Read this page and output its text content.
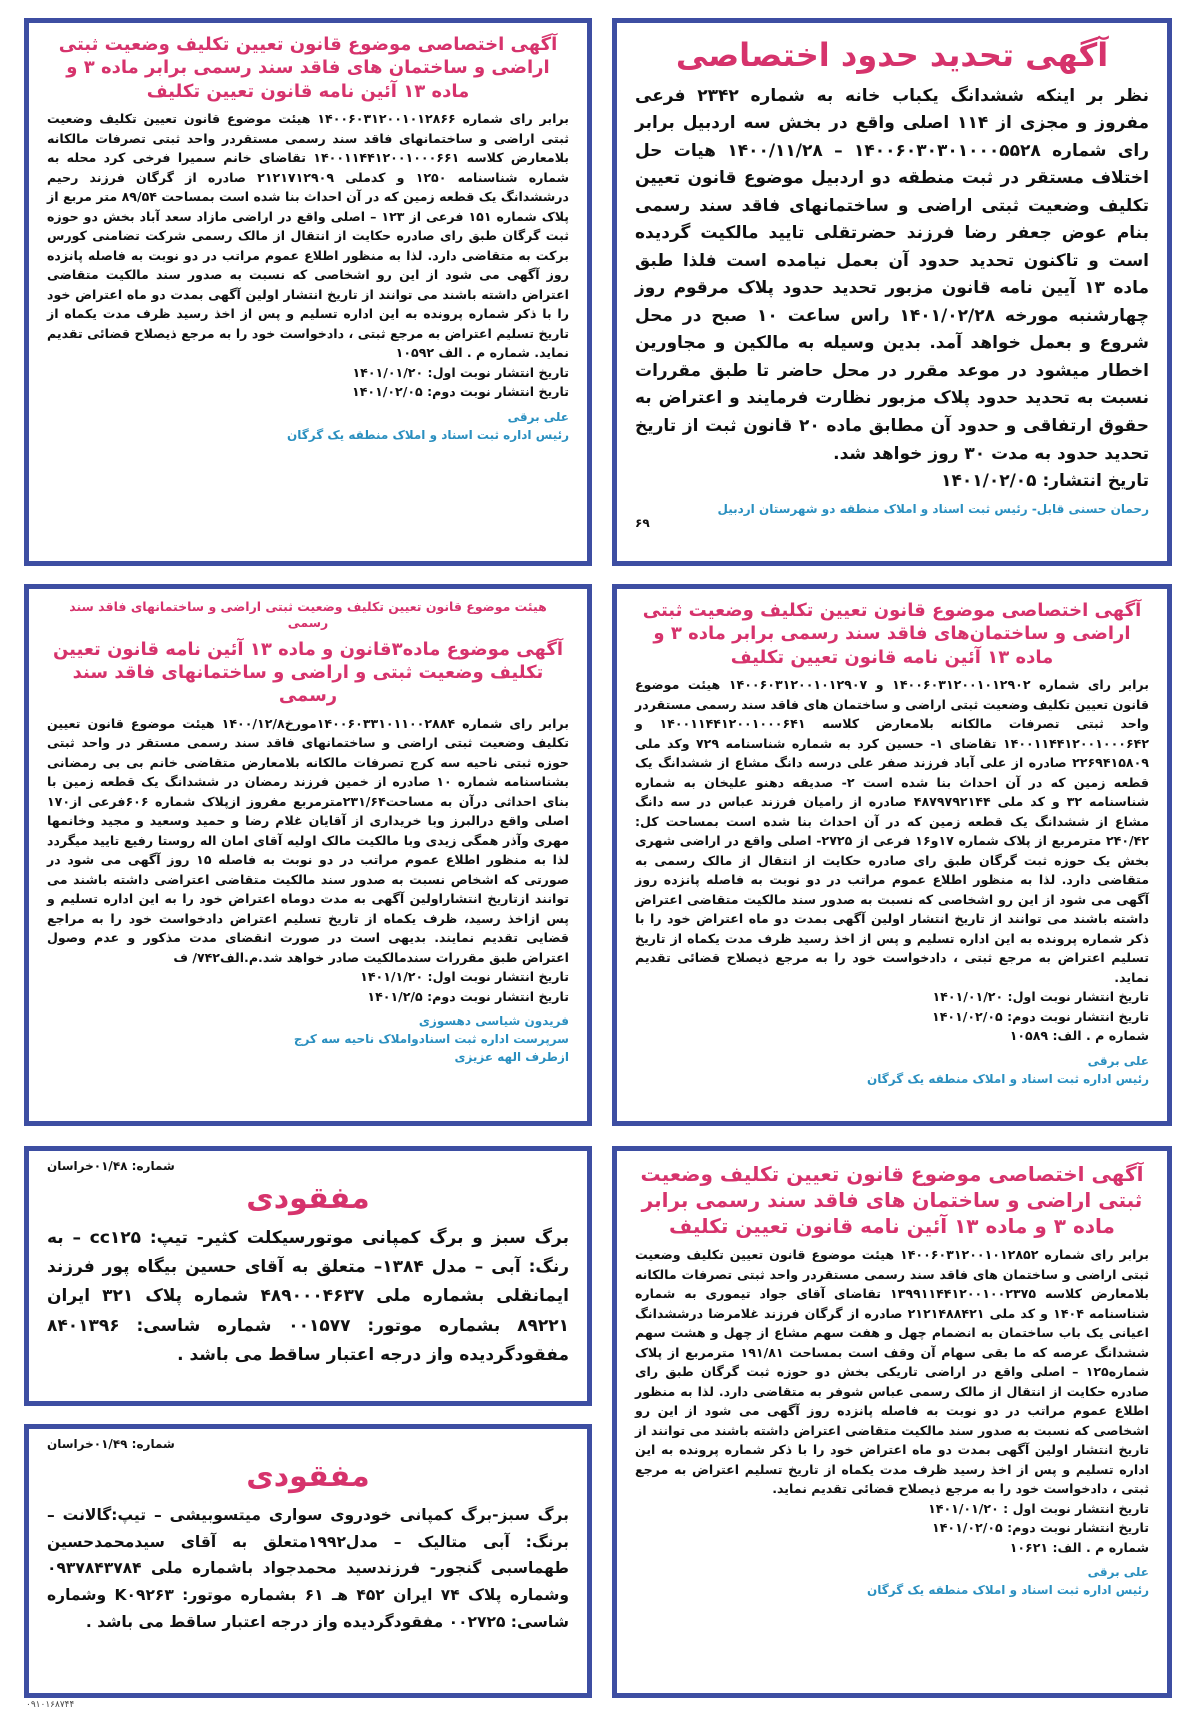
آگهی تحدید حدود اختصاصی

نظر بر اینکه ششدانگ یکباب خانه به شماره ۲۳۴۲ فرعی مفروز و مجزی از ۱۱۴ اصلی واقع در بخش سه اردبیل برابر رای شماره ۱۴۰۰۶۰۳۰۳۰۱۰۰۰۵۵۲۸ – ۱۴۰۰/۱۱/۲۸ هیات حل اختلاف مستقر در ثبت منطقه دو اردبیل موضوع قانون تعیین تکلیف وضعیت ثبتی اراضی و ساختمانهای فاقد سند رسمی بنام عوض جعفر رضا فرزند حضرتقلی تایید مالکیت گردیده است و تاکنون تحدید حدود آن بعمل نیامده است فلذا طبق ماده ۱۳ آیین نامه قانون مزبور تحدید حدود پلاک مرقوم روز چهارشنبه مورخه ۱۴۰۱/۰۲/۲۸ راس ساعت ۱۰ صبح در محل شروع و بعمل خواهد آمد. بدین وسیله به مالکین و مجاورین اخطار میشود در موعد مقرر در محل حاضر تا طبق مقررات نسبت به تحدید حدود پلاک مزبور نظارت فرمایند و اعتراض به حقوق ارتفاقی و حدود آن مطابق ماده ۲۰ قانون ثبت از تاریخ تحدید حدود به مدت ۳۰ روز خواهد شد.

تاریخ انتشار: ۱۴۰۱/۰۲/۰۵
رحمان حسنی قابل- رئیس ثبت اسناد و املاک منطقه دو شهرستان اردبیل
۶۹
آگهی اختصاصی موضوع قانون تعیین تکلیف وضعیت ثبتی اراضی و ساختمان های فاقد سند رسمی برابر ماده ۳ و ماده ۱۳ آئین نامه قانون تعیین تکلیف

برابر رای شماره ۱۴۰۰۶۰۳۱۲۰۰۱۰۱۲۸۶۶ هیئت موضوع قانون تعیین تکلیف وضعیت ثبتی اراضی و ساختمانهای فاقد سند رسمی مستقردر واحد ثبتی تصرفات مالکانه بلامعارض کلاسه ۱۴۰۰۱۱۴۴۱۲۰۰۱۰۰۰۶۶۱ تقاضای خانم سمیرا فرخی کرد محله به شماره شناسنامه ۱۲۵۰ و کدملی ۲۱۲۱۷۱۲۹۰۹ صادره از گرگان فرزند رحیم درششدانگ یک قطعه زمین که در آن احداث بنا شده است بمساحت ۸۹/۵۴ متر مربع از پلاک شماره ۱۵۱ فرعی از ۱۲۳ – اصلی واقع در اراضی مازاد سعد آباد بخش دو حوزه ثبت گرگان طبق رای صادره حکایت از انتقال از مالک رسمی شرکت تضامنی کورس برکت به متقاضی دارد. لذا به منظور اطلاع عموم مراتب در دو نوبت به فاصله پانزده روز آگهی می شود از این رو اشخاصی که نسبت به صدور سند مالکیت متقاضی اعتراض داشته باشند می توانند از تاریخ انتشار اولین آگهی بمدت دو ماه اعتراض خود را با ذکر شماره پرونده به این اداره تسلیم و پس از اخذ رسید ظرف مدت یکماه از تاریخ تسلیم اعتراض به مرجع ثبتی ، دادخواست خود را به مرجع ذیصلاح قضائی تقدیم نماید. شماره م . الف ۱۰۵۹۲

تاریخ انتشار نوبت اول: ۱۴۰۱/۰۱/۲۰
تاریخ انتشار نوبت دوم: ۱۴۰۱/۰۲/۰۵
علی برقی
رئیس اداره ثبت اسناد و املاک منطقه یک گرگان
آگهی اختصاصی موضوع قانون تعیین تکلیف وضعیت ثبتی اراضی و ساختمان‌های فاقد سند رسمی برابر ماده ۳ و ماده ۱۳ آئین نامه قانون تعیین تکلیف

برابر رای شماره ۱۴۰۰۶۰۳۱۲۰۰۱۰۱۲۹۰۲ و ۱۴۰۰۶۰۳۱۲۰۰۱۰۱۲۹۰۷ هیئت موضوع قانون تعیین تکلیف وضعیت ثبتی اراضی و ساختمان های فاقد سند رسمی مستقردر واحد ثبتی تصرفات مالکانه بلامعارض کلاسه ۱۴۰۰۱۱۴۴۱۲۰۰۱۰۰۰۶۴۱ و ۱۴۰۰۱۱۴۴۱۲۰۰۱۰۰۰۶۴۲ تقاضای ۱- حسین کرد به شماره شناسنامه ۷۲۹ وکد ملی ۲۲۶۹۴۱۵۸۰۹ صادره از علی آباد فرزند صفر علی درسه دانگ مشاع از ششدانگ یک قطعه زمین که در آن احداث بنا شده است ۲- صدیقه دهنو علیخان به شماره شناسنامه ۳۲ و کد ملی ۴۸۷۹۷۹۲۱۴۴ صادره از رامیان فرزند عباس در سه دانگ مشاع از ششدانگ یک قطعه زمین که در آن احداث بنا شده است بمساحت کل: ۲۴۰/۴۲ مترمربع از پلاک شماره ۱۷و۱۶ فرعی از ۲۷۲۵- اصلی واقع در اراضی شهری بخش یک حوزه ثبت گرگان طبق رای صادره حکایت از انتقال از مالک رسمی به متقاضی دارد. لذا به منظور اطلاع عموم مراتب در دو نوبت به فاصله پانزده روز آگهی می شود از این رو اشخاصی که نسبت به صدور سند مالکیت متقاضی اعتراض داشته باشند می توانند از تاریخ انتشار اولین آگهی بمدت دو ماه اعتراض خود را با ذکر شماره پرونده به این اداره تسلیم و پس از اخذ رسید ظرف مدت یکماه از تاریخ تسلیم اعتراض به مرجع ثبتی ، دادخواست خود را به مرجع ذیصلاح قضائی تقدیم نماید.

تاریخ انتشار نوبت اول: ۱۴۰۱/۰۱/۲۰
تاریخ انتشار نوبت دوم: ۱۴۰۱/۰۲/۰۵
شماره م . الف: ۱۰۵۸۹
علی برقی
رئیس اداره ثبت اسناد و املاک منطقه یک گرگان
هیئت موضوع قانون تعیین تکلیف وضعیت ثبتی اراضی و ساختمانهای فاقد سند رسمی
آگهی موضوع ماده۳قانون و ماده ۱۳ آئین نامه قانون تعیین تکلیف وضعیت ثبتی و اراضی و ساختمانهای فاقد سند رسمی

برابر رای شماره ۱۴۰۰۶۰۳۳۱۰۱۱۰۰۲۸۸۴مورخ۱۴۰۰/۱۲/۸ هیئت موضوع قانون تعیین تکلیف وضعیت ثبتی اراضی و ساختمانهای فاقد سند رسمی مستقر در واحد ثبتی حوزه ثبتی ناحیه سه کرج تصرفات مالکانه بلامعارض متقاضی خانم بی بی رمضانی بشناسنامه شماره ۱۰ صادره از خمین فرزند رمضان در ششدانگ یک قطعه زمین با بنای احداثی درآن به مساحت۲۳۱/۶۴مترمربع مفروز ازپلاک شماره ۶۰۶فرعی از۱۷۰ اصلی واقع درالبرز وبا خریداری از آقایان غلام رضا و حمید وسعید و مجید وخانمها مهری وآذر همگی زیدی وبا مالکیت مالک اولیه آقای امان اله روستا رفیع تایید میگردد لذا به منظور اطلاع عموم مراتب در دو نوبت به فاصله ۱۵ روز آگهی می شود در صورتی که اشخاص نسبت به صدور سند مالکیت متقاضی اعتراضی داشته باشند می توانند ازتاریخ انتشاراولین آگهی به مدت دوماه اعتراض خود را به این اداره تسلیم و پس ازاخذ رسید، ظرف یکماه از تاریخ تسلیم اعتراض دادخواست خود را به مراجع قضایی تقدیم نمایند. بدیهی است در صورت انقضای مدت مذکور و عدم وصول اعتراض طبق مقررات سندمالکیت صادر خواهد شد.م.الف۷۴۲/ ف

تاریخ انتشار نوبت اول: ۱۴۰۱/۱/۲۰
تاریخ انتشار نوبت دوم: ۱۴۰۱/۲/۵
فریدون شیاسی دهسوزی
سرپرست اداره ثبت اسنادواملاک ناحیه سه کرج
ازطرف الهه عزیزی
آگهی اختصاصی موضوع قانون تعیین تکلیف وضعیت ثبتی اراضی و ساختمان های فاقد سند رسمی برابر ماده ۳ و ماده ۱۳ آئین نامه قانون تعیین تکلیف

برابر رای شماره ۱۴۰۰۶۰۳۱۲۰۰۱۰۱۲۸۵۲ هیئت موضوع قانون تعیین تکلیف وضعیت ثبتی اراضی و ساختمان های فاقد سند رسمی مستقردر واحد ثبتی تصرفات مالکانه بلامعارض کلاسه ۱۳۹۹۱۱۴۴۱۲۰۰۱۰۰۲۳۷۵ تقاضای آقای جواد تیموری به شماره شناسنامه ۱۴۰۴ و کد ملی ۲۱۲۱۴۸۸۴۲۱ صادره از گرگان فرزند غلامرضا درششدانگ اعیانی یک باب ساختمان به انضمام چهل و هفت سهم مشاع از چهل و هشت سهم ششدانگ عرصه که ما بقی سهام آن وقف است بمساحت ۱۹۱/۸۱ مترمربع از پلاک شماره۱۲۵ – اصلی واقع در اراضی تاریکی بخش دو حوزه ثبت گرگان طبق رای صادره حکایت از انتقال از مالک رسمی عباس شوفر به متقاضی دارد. لذا به منظور اطلاع عموم مراتب در دو نوبت به فاصله پانزده روز آگهی می شود از این رو اشخاصی که نسبت به صدور سند مالکیت متقاضی اعتراض داشته باشند می توانند از تاریخ انتشار اولین آگهی بمدت دو ماه اعتراض خود را با ذکر شماره پرونده به این اداره تسلیم و پس از اخذ رسید ظرف مدت یکماه از تاریخ تسلیم اعتراض به مرجع ثبتی ، دادخواست خود را به مرجع ذیصلاح قضائی تقدیم نماید.

تاریخ انتشار نوبت اول : ۱۴۰۱/۰۱/۲۰
تاریخ انتشار نوبت دوم: ۱۴۰۱/۰۲/۰۵
شماره م . الف: ۱۰۶۲۱
علی برقی
رئیس اداره ثبت اسناد و املاک منطقه یک گرگان
شماره: ۰۱/۴۸خراسان
مفقودی

برگ سبز و برگ کمپانی موتورسیکلت کثیر- تیپ: cc۱۲۵ – به رنگ: آبی – مدل ۱۳۸۴– متعلق به آقای حسین بیگاه پور فرزند ایمانقلی بشماره ملی ۴۸۹۰۰۰۴۶۳۷ شماره پلاک ۳۲۱ ایران ۸۹۲۲۱ بشماره موتور: ۰۰۱۵۷۷ شماره شاسی: ۸۴۰۱۳۹۶ مفقودگردیده واز درجه اعتبار ساقط می باشد .

شماره: ۰۱/۴۹خراسان
مفقودی

برگ سبز-برگ کمپانی خودروی سواری میتسوبیشی – تیپ:گالانت – برنگ: آبی متالیک – مدل۱۹۹۲متعلق به آقای سیدمحمدحسین طهماسبی گنجور- فرزندسید محمدجواد باشماره ملی ۰۹۳۷۸۴۳۷۸۴ وشماره پلاک ۷۴ ایران ۴۵۲ هـ ۶۱ بشماره موتور: K۰۹۲۶۳ وشماره شاسی: ۰۰۲۷۲۵ مفقودگردیده واز درجه اعتبار ساقط می باشد .

۰۹۱۰۱۶۸۷۴۴
